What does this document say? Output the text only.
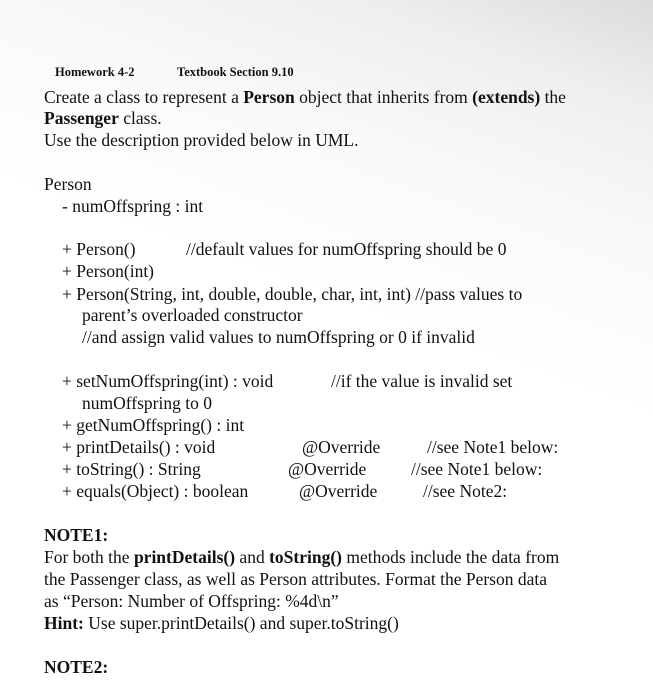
Homework 4-2	Textbook Section 9.10
Create a class to represent a Person object that inherits from (extends) the
Passenger class.
Use the description provided below in UML.
Person
- numOffspring : int
+ Person()	//default values for numOffspring should be 0
+ Person(int)
+ Person(String, int, double, double, char, int, int) //pass values to
parent’s overloaded constructor
//and assign valid values to numOffspring or 0 if invalid
+ setNumOffspring(int) : void	//if the value is invalid set
numOffspring to 0
+ getNumOffspring() : int
+ printDetails() : void	@Override	//see Note1 below:
+ toString() : String	@Override	//see Note1 below:
+ equals(Object) : boolean	@Override	//see Note2:
NOTE1:
For both the printDetails() and toString() methods include the data from
the Passenger class, as well as Person attributes. Format the Person data
as “Person: Number of Offspring: %4d\n”
Hint: Use super.printDetails() and super.toString()
NOTE2:
